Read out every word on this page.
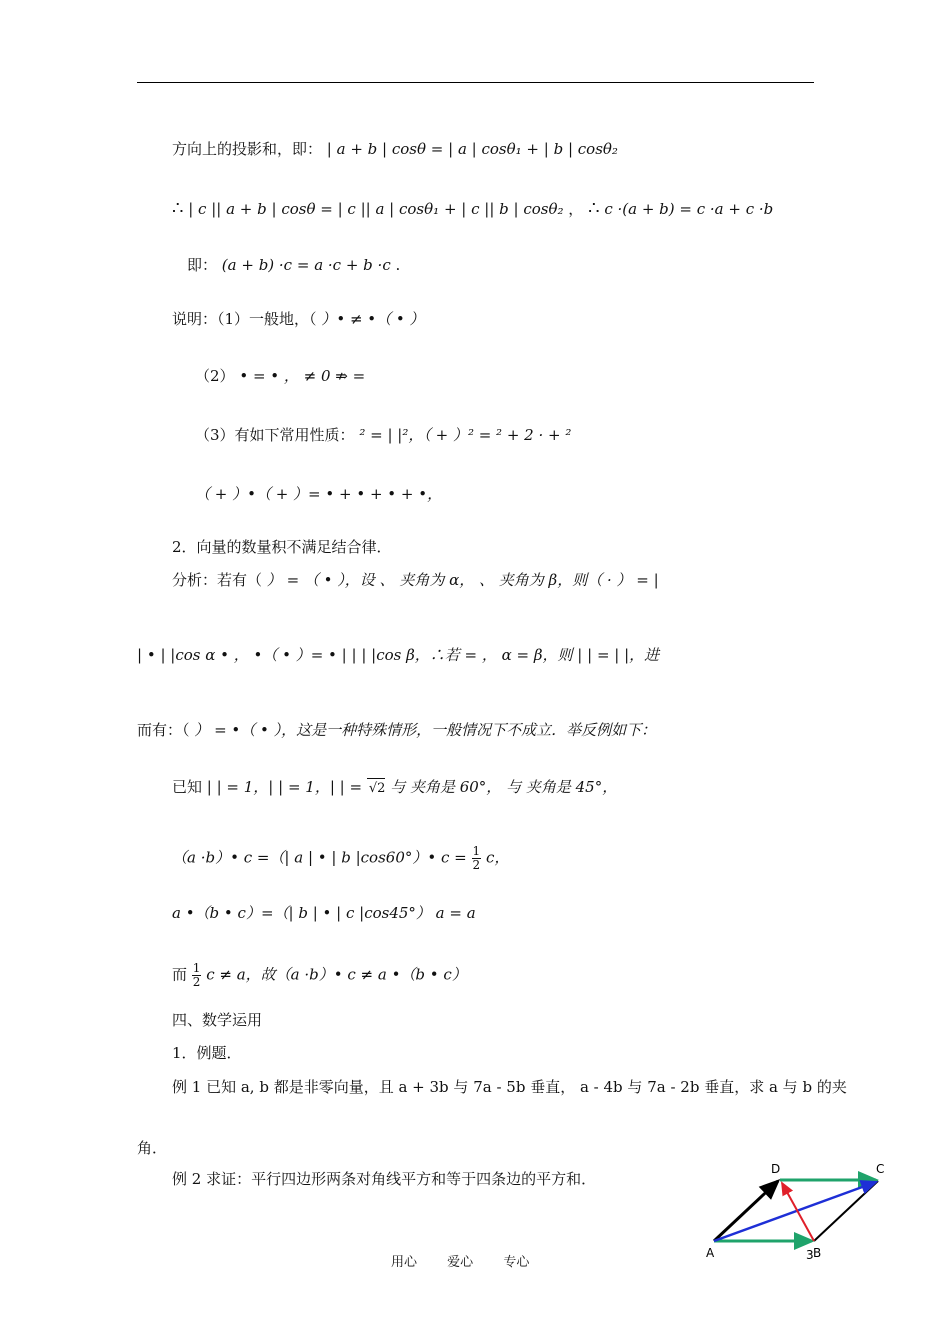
方向上的投影和，即： | a + b | cosθ = | a | cosθ₁ + | b | cosθ₂
∴ | c || a + b | cosθ = | c || a | cosθ₁ + | c || b | cosθ₂ ， ∴ c ·(a + b) = c ·a + c ·b
即： (a + b) ·c = a ·c + b ·c .
说明：（1）一般地，（ ）• ≠ •（ • ）
（2） • = • ， ≠ 0 ⇏ =
（3）有如下常用性质： ² = | |²，（ + ）² = ² + 2 · + ²
（ + ）•（ + ）= • + • + • + •，
2．向量的数量积不满足结合律．
分析：若有（ ） = （ • ），设 、 夹角为 α， 、 夹角为 β，则（ · ） = |
| • | |cos α • ， •（ • ）= • | | | |cos β，∴若 = ， α = β，则 | | = | |，进
而有：（ ） = •（ • ），这是一种特殊情形，一般情况下不成立．举反例如下：
已知 | | = 1，| | = 1，| | = √2 与 夹角是 60°， 与 夹角是 45°，
（a ·b）• c =（| a | • | b |cos60°）• $c = \frac{1}{2}$ c，
a •（b • c）=（| b | • | c |cos45°） a = a
而 $\frac{1}{2}$ c ≠ a，故（a ·b）• c ≠ a •（b • c）
四、数学运用
1．例题．
例 1 已知 a, b 都是非零向量，且 a + 3b 与 7a - 5b 垂直， a - 4b 与 7a - 2b 垂直，求 a 与 b 的夹
角．
例 2 求证：平行四边形两条对角线平方和等于四条边的平方和．
A	3 B
C
D
用心 爱心 专心
